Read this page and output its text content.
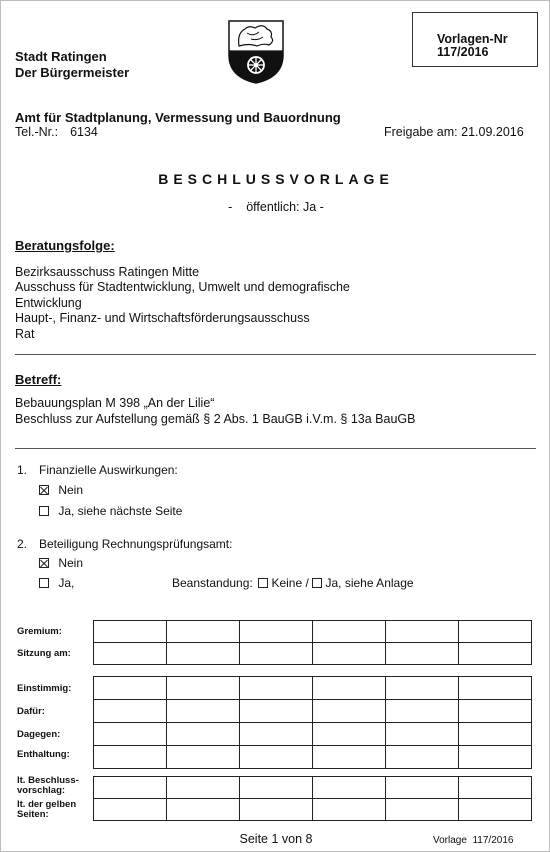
Stadt Ratingen
Der Bürgermeister
Vorlagen-Nr
117/2016
Amt für Stadtplanung, Vermessung und Bauordnung
Tel.-Nr.: 6134	Freigabe am: 21.09.2016
BESCHLUSSVORLAGE
-    öffentlich: Ja -
Beratungsfolge:
Bezirksausschuss Ratingen Mitte
Ausschuss für Stadtentwicklung, Umwelt und demografische
Entwicklung
Haupt-, Finanz- und Wirtschaftsförderungsausschuss
Rat
Betreff:
Bebauungsplan M 398 „An der Lilie“
Beschluss zur Aufstellung gemäß § 2 Abs. 1 BauGB i.V.m. § 13a BauGB
1. Finanzielle Auswirkungen:
Nein
Ja, siehe nächste Seite
2. Beteiligung Rechnungsprüfungsamt:
Nein
Ja,	Beanstandung: Keine / Ja, siehe Anlage
Gremium:
Sitzung am:
Einstimmig:
Dafür:
Dagegen:
Enthaltung:
lt. Beschluss-
vorschlag:
lt. der gelben
Seiten:

Seite 1 von 8	Vorlage  117/2016
